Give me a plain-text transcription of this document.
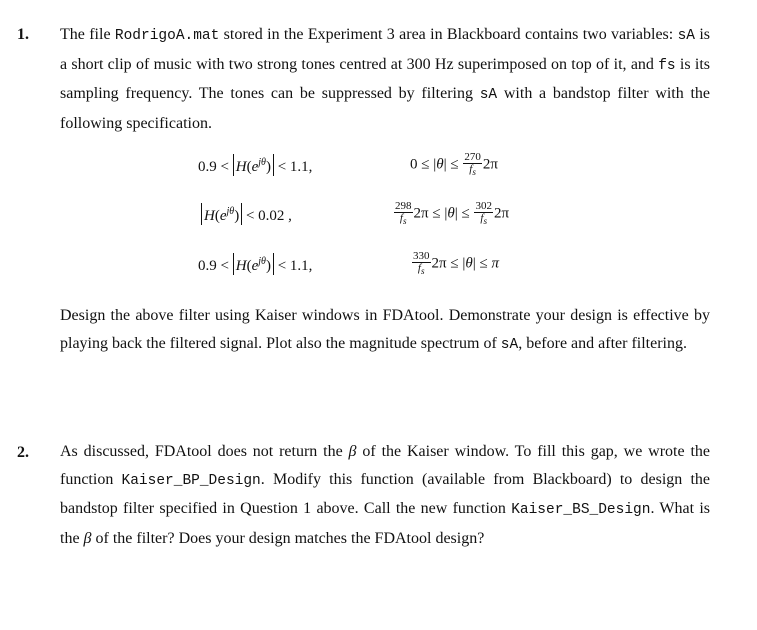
1. The file RodrigoA.mat stored in the Experiment 3 area in Blackboard contains two variables: sA is a short clip of music with two strong tones centred at 300 Hz superimposed on top of it, and fs is its sampling frequency. The tones can be suppressed by filtering sA with a bandstop filter with the following specification.
$0.9 < H(e^{j\theta}) < 1.1$,	$0 \le |\theta| \le \frac{270}{f_s} 2\pi$
$H(e^{j\theta}) < 0.02$ ,	$\frac{298}{f_s} 2\pi \le |\theta| \le \frac{302}{f_s} 2\pi$
$0.9 < H(e^{j\theta}) < 1.1$,	$\frac{330}{f_s} 2\pi \le |\theta| \le \pi$
Design the above filter using Kaiser windows in FDAtool. Demonstrate your design is effective by playing back the filtered signal. Plot also the magnitude spectrum of sA, before and after filtering.
2. As discussed, FDAtool does not return the β of the Kaiser window. To fill this gap, we wrote the function Kaiser_BP_Design. Modify this function (available from Blackboard) to design the bandstop filter specified in Question 1 above. Call the new function Kaiser_BS_Design. What is the β of the filter? Does your design matches the FDAtool design?
